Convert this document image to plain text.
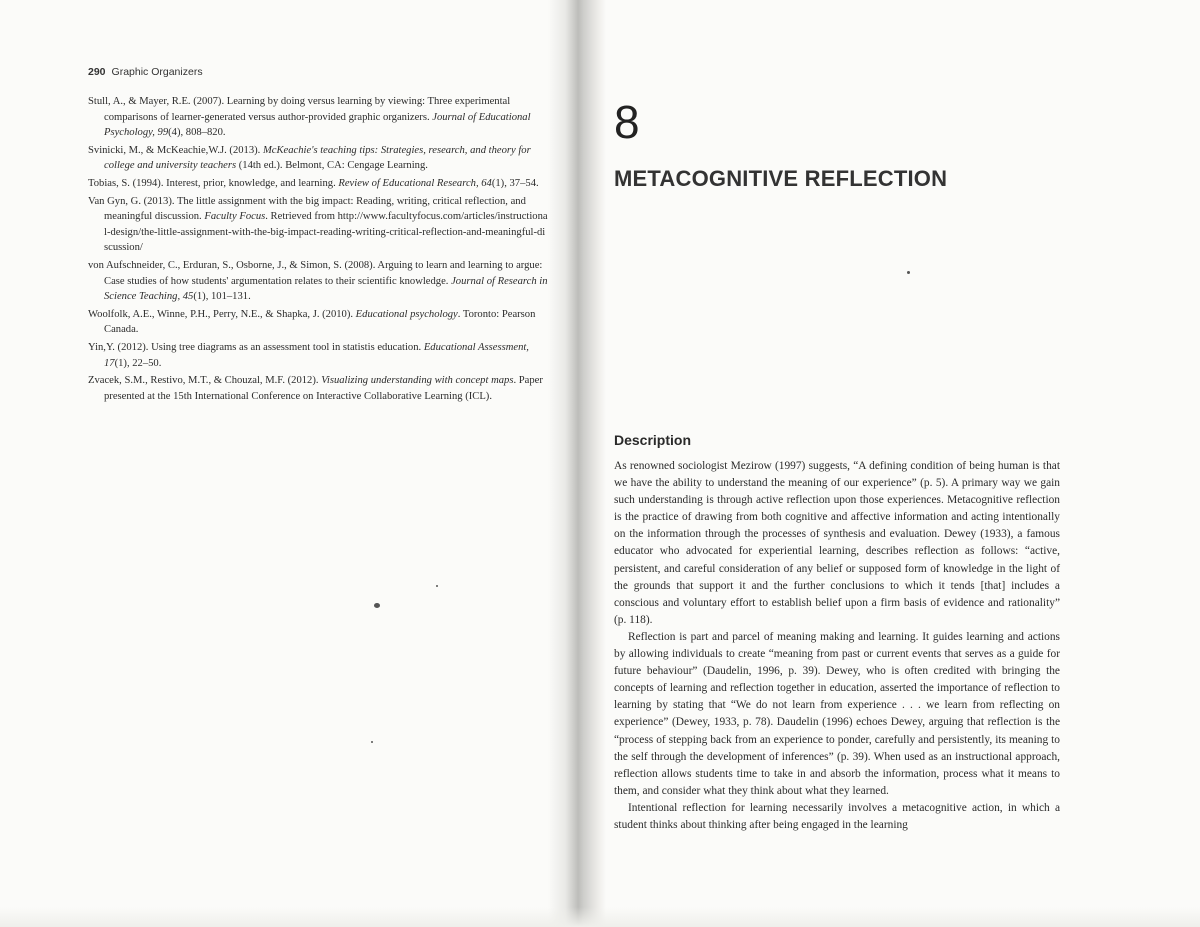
290 Graphic Organizers

Stull, A., & Mayer, R.E. (2007). Learning by doing versus learning by viewing: Three experimental comparisons of learner-generated versus author-provided graphic organizers. Journal of Educational Psychology, 99(4), 808–820.

Svinicki, M., & McKeachie,W.J. (2013). McKeachie's teaching tips: Strategies, research, and theory for college and university teachers (14th ed.). Belmont, CA: Cengage Learning.

Tobias, S. (1994). Interest, prior, knowledge, and learning. Review of Educational Research, 64(1), 37–54.

Van Gyn, G. (2013). The little assignment with the big impact: Reading, writing, critical reflection, and meaningful discussion. Faculty Focus. Retrieved from http://www.facultyfocus.com/articles/instructional-design/the-little-assignment-with-the-big-impact-reading-writing-critical-reflection-and-meaningful-discussion/

von Aufschneider, C., Erduran, S., Osborne, J., & Simon, S. (2008). Arguing to learn and learning to argue: Case studies of how students' argumentation relates to their scientific knowledge. Journal of Research in Science Teaching, 45(1), 101–131.

Woolfolk, A.E., Winne, P.H., Perry, N.E., & Shapka, J. (2010). Educational psychology. Toronto: Pearson Canada.

Yin,Y. (2012). Using tree diagrams as an assessment tool in statistis education. Educational Assessment, 17(1), 22–50.

Zvacek, S.M., Restivo, M.T., & Chouzal, M.F. (2012). Visualizing understanding with concept maps. Paper presented at the 15th International Conference on Interactive Collaborative Learning (ICL).

8
METACOGNITIVE REFLECTION
Description

As renowned sociologist Mezirow (1997) suggests, “A defining condition of being human is that we have the ability to understand the meaning of our experience” (p. 5). A primary way we gain such understanding is through active reflection upon those experiences. Metacognitive reflection is the practice of drawing from both cognitive and affective information and acting intentionally on the information through the processes of synthesis and evaluation. Dewey (1933), a famous educator who advocated for experiential learning, describes reflection as follows: “active, persistent, and careful consideration of any belief or supposed form of knowledge in the light of the grounds that support it and the further conclusions to which it tends [that] includes a conscious and voluntary effort to establish belief upon a firm basis of evidence and rationality” (p. 118).

Reflection is part and parcel of meaning making and learning. It guides learning and actions by allowing individuals to create “meaning from past or current events that serves as a guide for future behaviour” (Daudelin, 1996, p. 39). Dewey, who is often credited with bringing the concepts of learning and reflection together in education, asserted the importance of reflection to learning by stating that “We do not learn from experience . . . we learn from reflecting on experience” (Dewey, 1933, p. 78). Daudelin (1996) echoes Dewey, arguing that reflection is the “process of stepping back from an experience to ponder, carefully and persistently, its meaning to the self through the development of inferences” (p. 39). When used as an instructional approach, reflection allows students time to take in and absorb the information, process what it means to them, and consider what they think about what they learned.

Intentional reflection for learning necessarily involves a metacognitive action, in which a student thinks about thinking after being engaged in the learning
